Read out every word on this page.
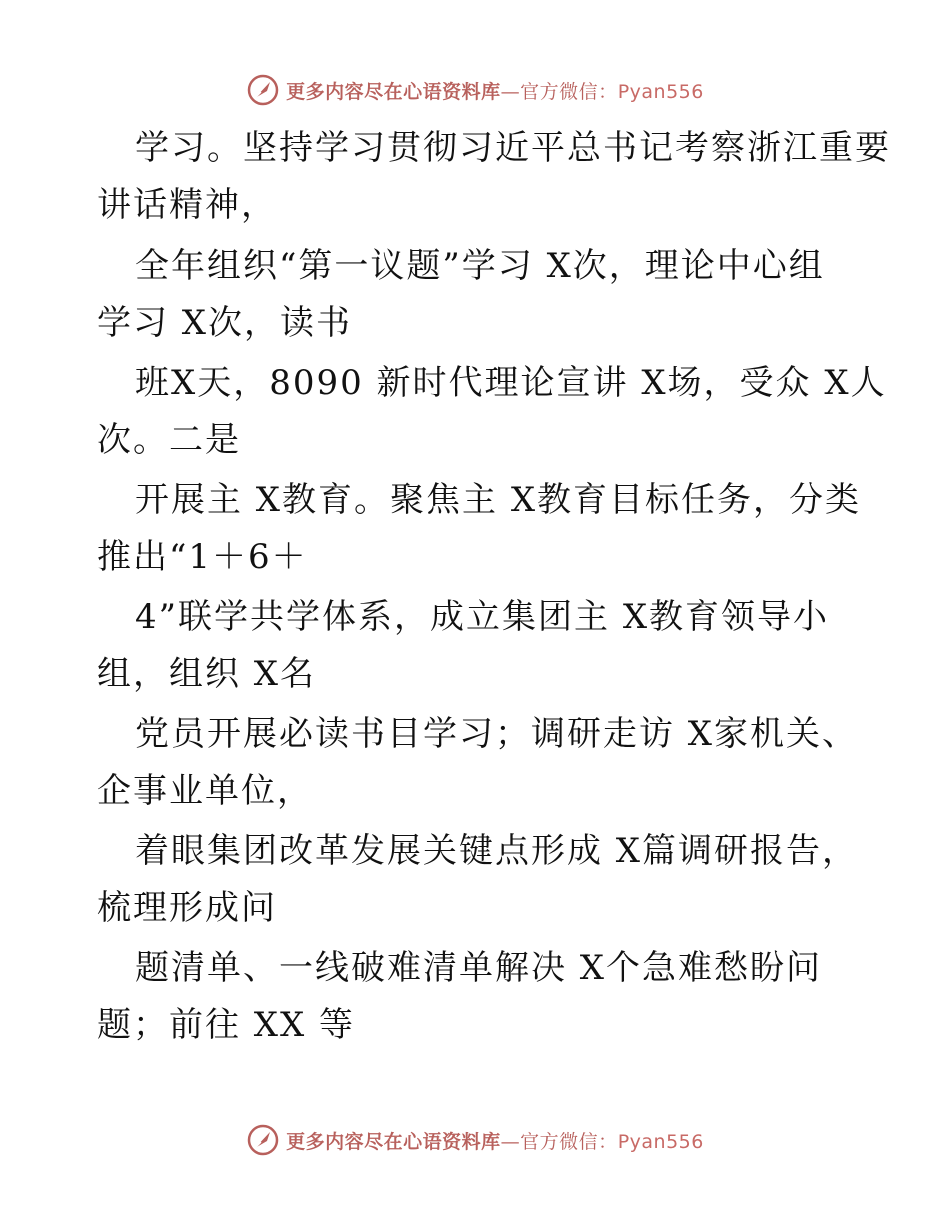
更多内容尽在心语资料库—官方微信：Pyan556
学习。坚持学习贯彻习近平总书记考察浙江重要
讲话精神，
全年组织“第一议题”学习 X次，理论中心组
学习 X次，读书
班X天，8090 新时代理论宣讲 X场，受众 X人
次。二是
开展主 X教育。聚焦主 X教育目标任务，分类
推出“1＋6＋
4”联学共学体系，成立集团主 X教育领导小
组，组织 X名
党员开展必读书目学习；调研走访 X家机关、
企事业单位，
着眼集团改革发展关键点形成 X篇调研报告，
梳理形成问
题清单、一线破难清单解决 X个急难愁盼问
题；前往 XX 等
更多内容尽在心语资料库—官方微信：Pyan556
